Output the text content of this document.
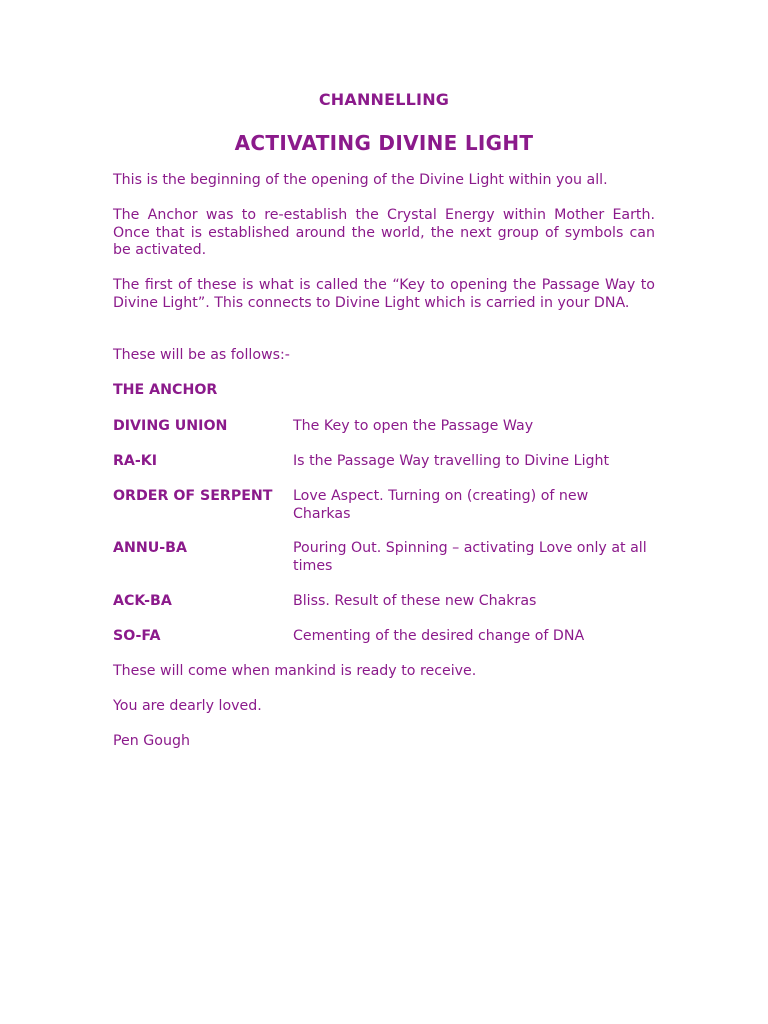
CHANNELLING
ACTIVATING DIVINE LIGHT

This is the beginning of the opening of the Divine Light within you all.

The Anchor was to re-establish the Crystal Energy within Mother Earth. Once that is established around the world, the next group of symbols can be activated.

The first of these is what is called the “Key to opening the Passage Way to Divine Light”. This connects to Divine Light which is carried in your DNA.

These will be as follows:-
THE ANCHOR
DIVING UNION	The Key to open the Passage Way
RA-KI	Is the Passage Way travelling to Divine Light
ORDER OF SERPENT	Love Aspect. Turning on (creating) of new Charkas
ANNU-BA	Pouring Out. Spinning – activating Love only at all times
ACK-BA	Bliss. Result of these new Chakras
SO-FA	Cementing of the desired change of DNA
These will come when mankind is ready to receive.
You are dearly loved.
Pen Gough
